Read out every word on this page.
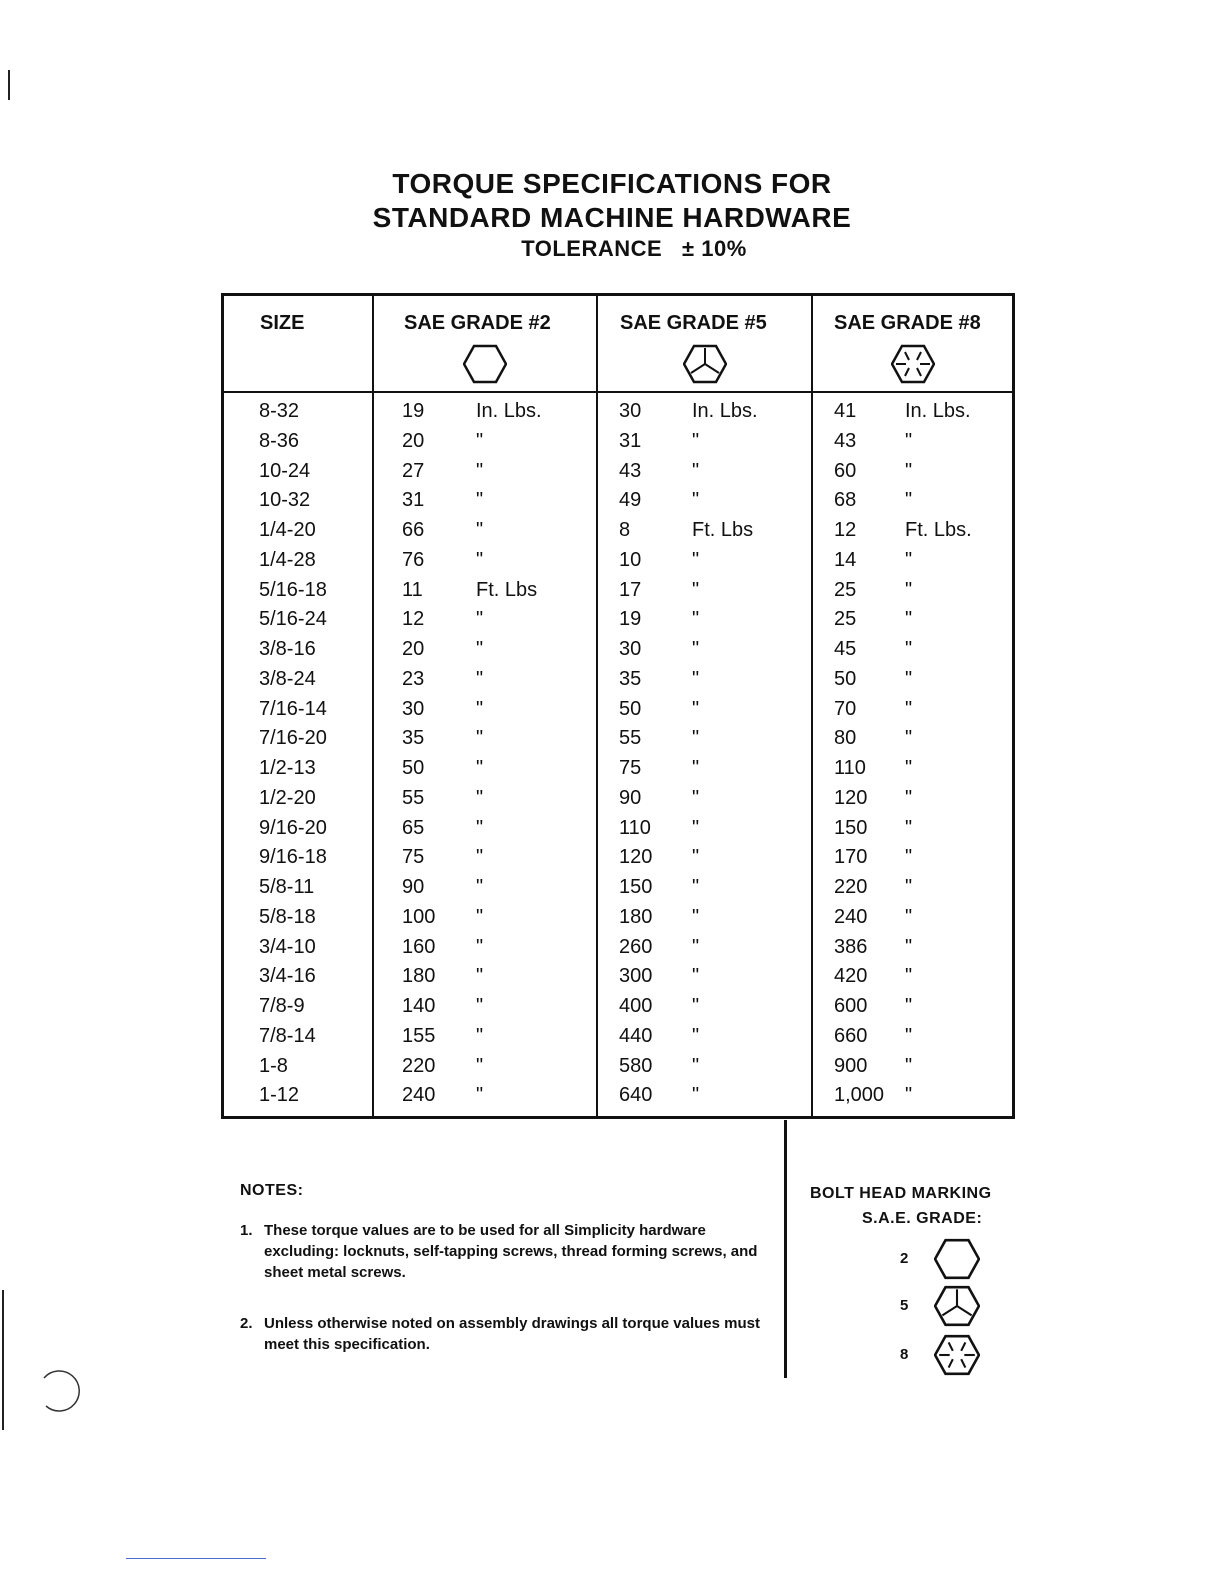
TORQUE SPECIFICATIONS FOR
STANDARD MACHINE HARDWARE
TOLERANCE   ± 10%
SIZE	SAE GRADE #2	SAE GRADE #5	SAE GRADE #8
8-32	19	In. Lbs.	30	In. Lbs.	41 In. Lbs.
8-36	20	"	31	"	43 "
10-24	27	"	43	"	60 "
10-32	31	"	49	"	68 "
1/4-20	66	"	8	Ft. Lbs	12 Ft. Lbs.
1/4-28	76	"	10	"	14 "
5/16-18	11	Ft. Lbs	17	"	25 "
5/16-24	12	"	19	"	25 "
3/8-16	20	"	30	"	45 "
3/8-24	23	"	35	"	50 "
7/16-14	30	"	50	"	70 "
7/16-20	35	"	55	"	80 "
1/2-13	50	"	75	"	110 "
1/2-20	55	"	90	"	120 "
9/16-20	65	"	110 "	150 "
9/16-18	75	"	120 "	170 "
5/8-11	90	"	150 "	220 "
5/8-18	100 "	180 "	240 "
3/4-10	160 "	260 "	386 "
3/4-16	180 "	300 "	420 "
7/8-9	140 "	400 "	600 "
7/8-14	155 "	440 "	660 "
1-8	220 "	580 "	900 "
1-12	240 "	640 "	1,000 "
NOTES:
1. These torque values are to be used for all Simplicity hardware excluding: locknuts, self-tapping screws, thread forming screws, and sheet metal screws.
2. Unless otherwise noted on assembly drawings all torque values must meet this specification.
BOLT HEAD MARKING
S.A.E. GRADE:
2
5
8
